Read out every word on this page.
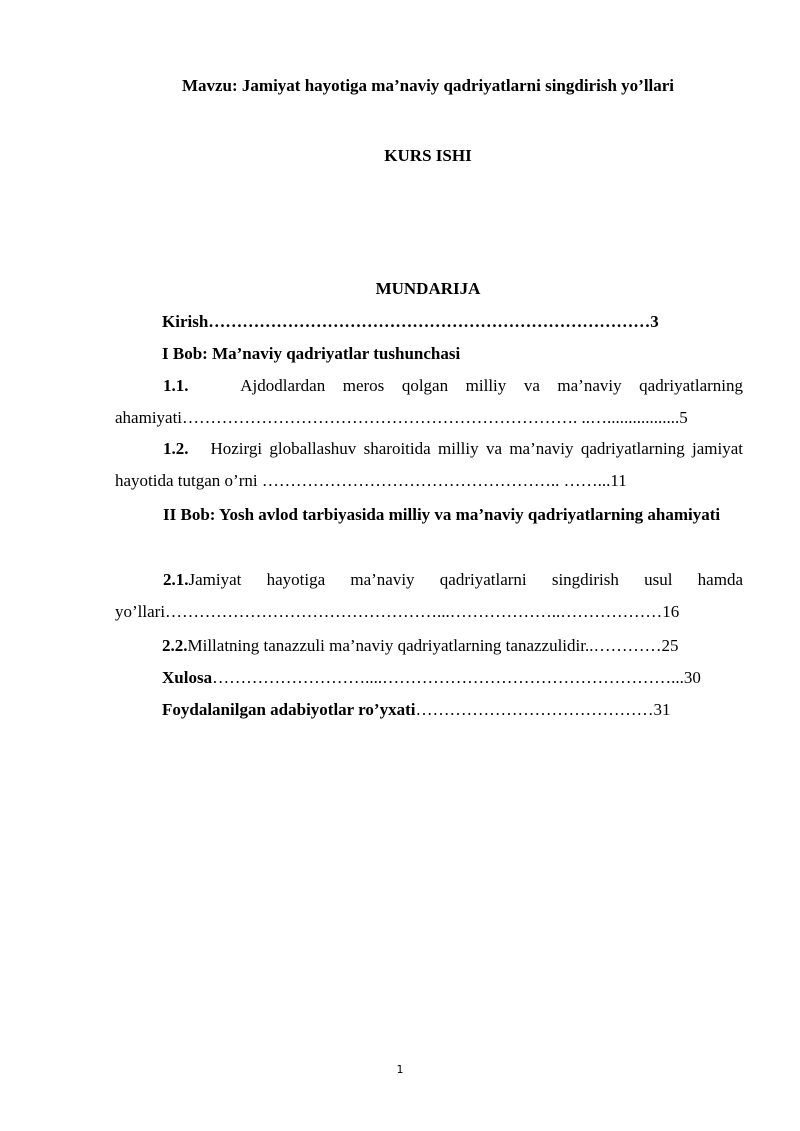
Mavzu: Jamiyat hayotiga ma’naviy qadriyatlarni singdirish yo’llari
KURS ISHI
MUNDARIJA
Kirish……………………………………………………………………3
I Bob: Ma’naviy qadriyatlar tushunchasi
1.1.	Ajdodlardan meros qolgan milliy va ma’naviy qadriyatlarning ahamiyati……………………………………………………………. ..….................5
1.2. Hozirgi globallashuv sharoitida milliy va ma’naviy qadriyatlarning jamiyat hayotida tutgan o’rni …………………………………………….. ……...11
II Bob: Yosh avlod tarbiyasida milliy va ma’naviy qadriyatlarning ahamiyati
2.1.Jamiyat hayotiga ma’naviy qadriyatlarni singdirish usul hamda yo’llari…………………………………………...………………..………………16
2.2.Millatning tanazzuli ma’naviy qadriyatlarning tanazzulidir..…………25
Xulosa………………………....……………………………………………...30
Foydalanilgan adabiyotlar ro’yxati……………………………………31
1
